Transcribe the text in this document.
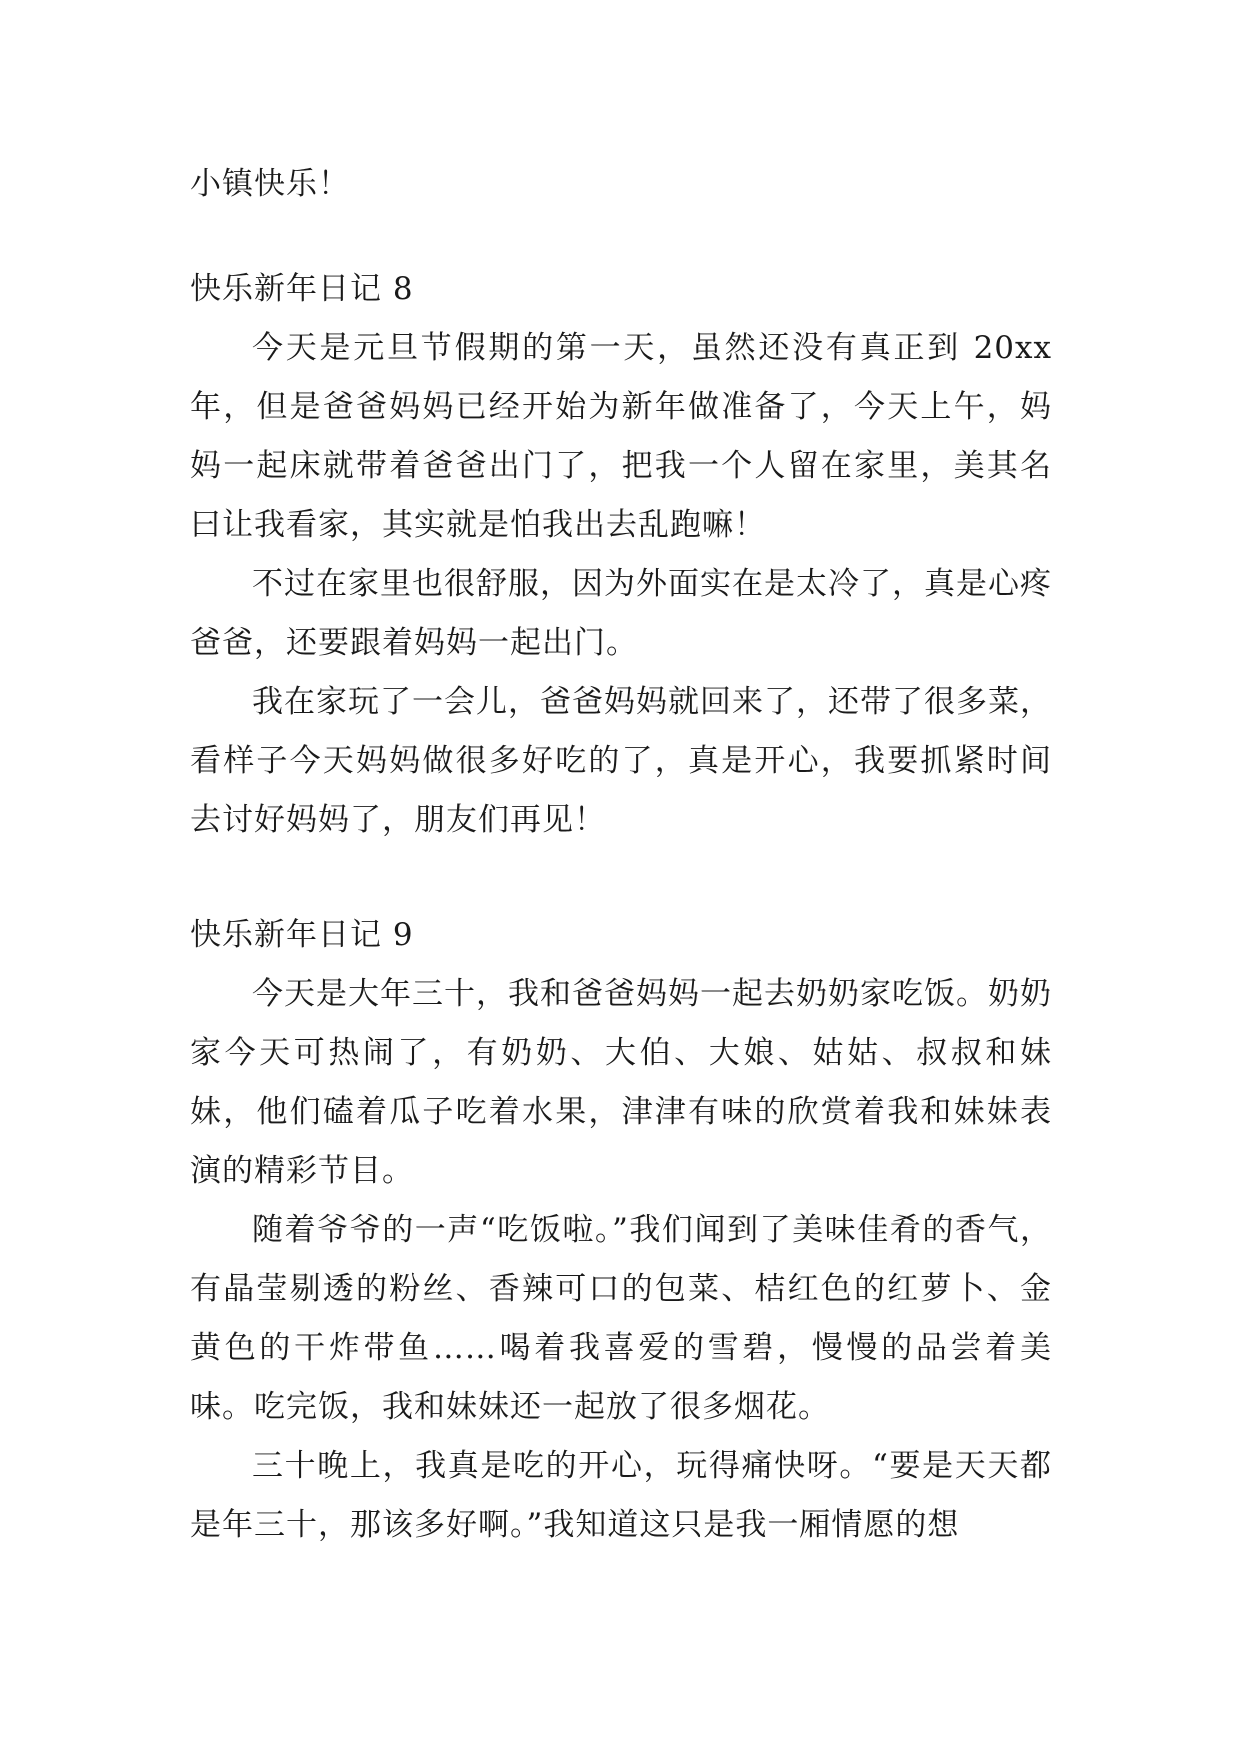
小镇快乐！

快乐新年日记 8

今天是元旦节假期的第一天，虽然还没有真正到 20xx 年，但是爸爸妈妈已经开始为新年做准备了，今天上午，妈妈一起床就带着爸爸出门了，把我一个人留在家里，美其名曰让我看家，其实就是怕我出去乱跑嘛！

不过在家里也很舒服，因为外面实在是太冷了，真是心疼爸爸，还要跟着妈妈一起出门。

我在家玩了一会儿，爸爸妈妈就回来了，还带了很多菜，看样子今天妈妈做很多好吃的了，真是开心，我要抓紧时间去讨好妈妈了，朋友们再见！

快乐新年日记 9

今天是大年三十，我和爸爸妈妈一起去奶奶家吃饭。奶奶家今天可热闹了，有奶奶、大伯、大娘、姑姑、叔叔和妹妹，他们磕着瓜子吃着水果，津津有味的欣赏着我和妹妹表演的精彩节目。

随着爷爷的一声“吃饭啦。”我们闻到了美味佳肴的香气，有晶莹剔透的粉丝、香辣可口的包菜、桔红色的红萝卜、金黄色的干炸带鱼……喝着我喜爱的雪碧，慢慢的品尝着美味。吃完饭，我和妹妹还一起放了很多烟花。

三十晚上，我真是吃的开心，玩得痛快呀。“要是天天都是年三十，那该多好啊。”我知道这只是我一厢情愿的想
